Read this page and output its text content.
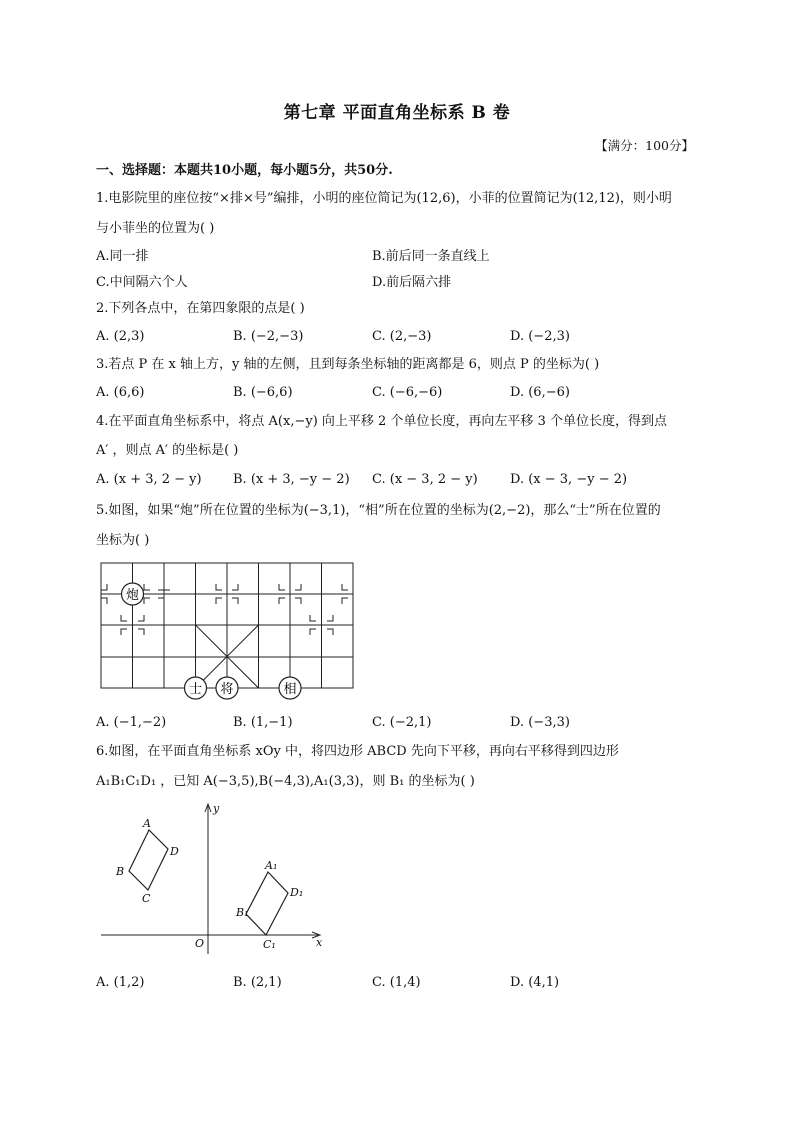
第七章 平面直角坐标系 B 卷
【满分：100分】
一、选择题：本题共10小题，每小题5分，共50分.
1.电影院里的座位按“×排×号”编排，小明的座位简记为(12,6)，小菲的位置简记为(12,12)，则小明
与小菲坐的位置为( )
A.同一排	B.前后同一条直线上
C.中间隔六个人	D.前后隔六排
2.下列各点中，在第四象限的点是( )
A. (2,3)	B. (−2,−3)	C. (2,−3)	D. (−2,3)
3.若点 P 在 x 轴上方，y 轴的左侧，且到每条坐标轴的距离都是 6，则点 P 的坐标为( )
A. (6,6)	B. (−6,6)	C. (−6,−6)	D. (6,−6)
4.在平面直角坐标系中，将点 A(x,−y) 向上平移 2 个单位长度，再向左平移 3 个单位长度，得到点
A′ ，则点 A′ 的坐标是( )
A. (x + 3, 2 − y) B. (x + 3, −y − 2) C. (x − 3, 2 − y) D. (x − 3, −y − 2)
5.如图，如果“炮”所在位置的坐标为(−3,1)，“相”所在位置的坐标为(2,−2)，那么“士”所在位置的
坐标为( )
炮
士 将	相
A. (−1,−2)	B. (1,−1)	C. (−2,1)	D. (−3,3)
6.如图，在平面直角坐标系 xOy 中，将四边形 ABCD 先向下平移，再向右平移得到四边形
A₁B₁C₁D₁ ，已知 A(−3,5),B(−4,3),A₁(3,3)，则 B₁ 的坐标为( )
y
x
O
A
B
C
D
A₁
B₁
C₁
D₁
A. (1,2)	B. (2,1)	C. (1,4)	D. (4,1)
